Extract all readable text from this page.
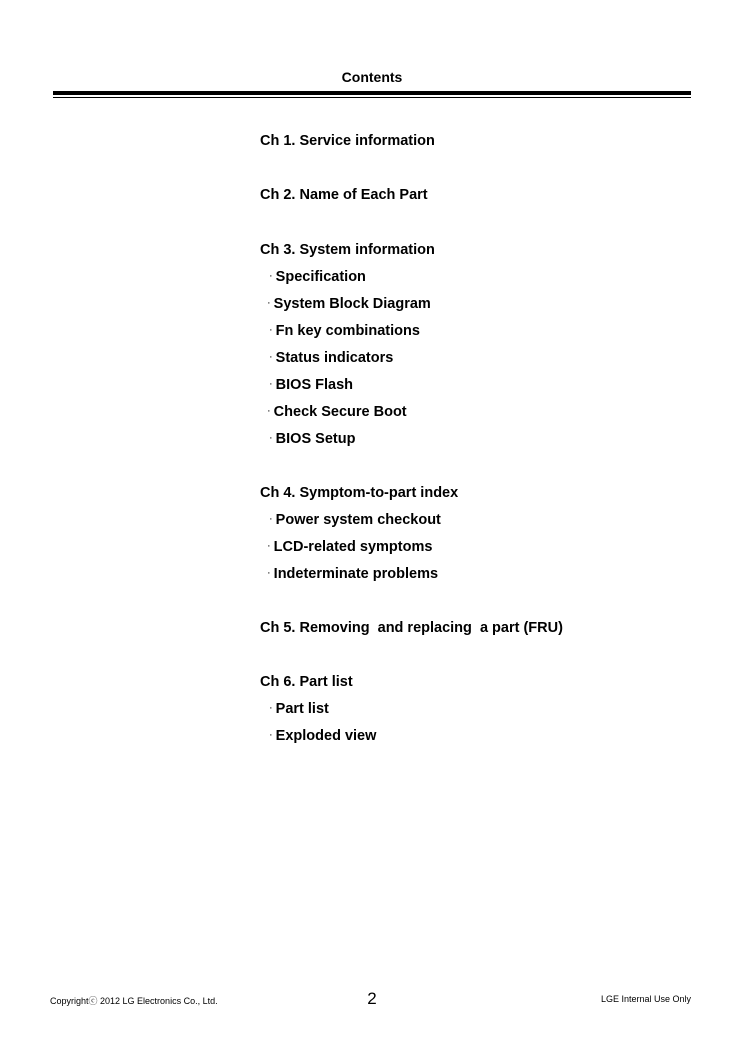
Contents
Ch 1. Service information
Ch 2. Name of Each Part
Ch 3. System information
· Specification
· System Block Diagram
· Fn key combinations
· Status indicators
· BIOS Flash
· Check Secure Boot
· BIOS Setup
Ch 4. Symptom-to-part index
· Power system checkout
· LCD-related symptoms
· Indeterminate problems
Ch 5. Removing  and replacing  a part (FRU)
Ch 6. Part list
· Part list
· Exploded view
Copyrightⓒ 2012 LG Electronics Co., Ltd.	2	LGE Internal Use Only
